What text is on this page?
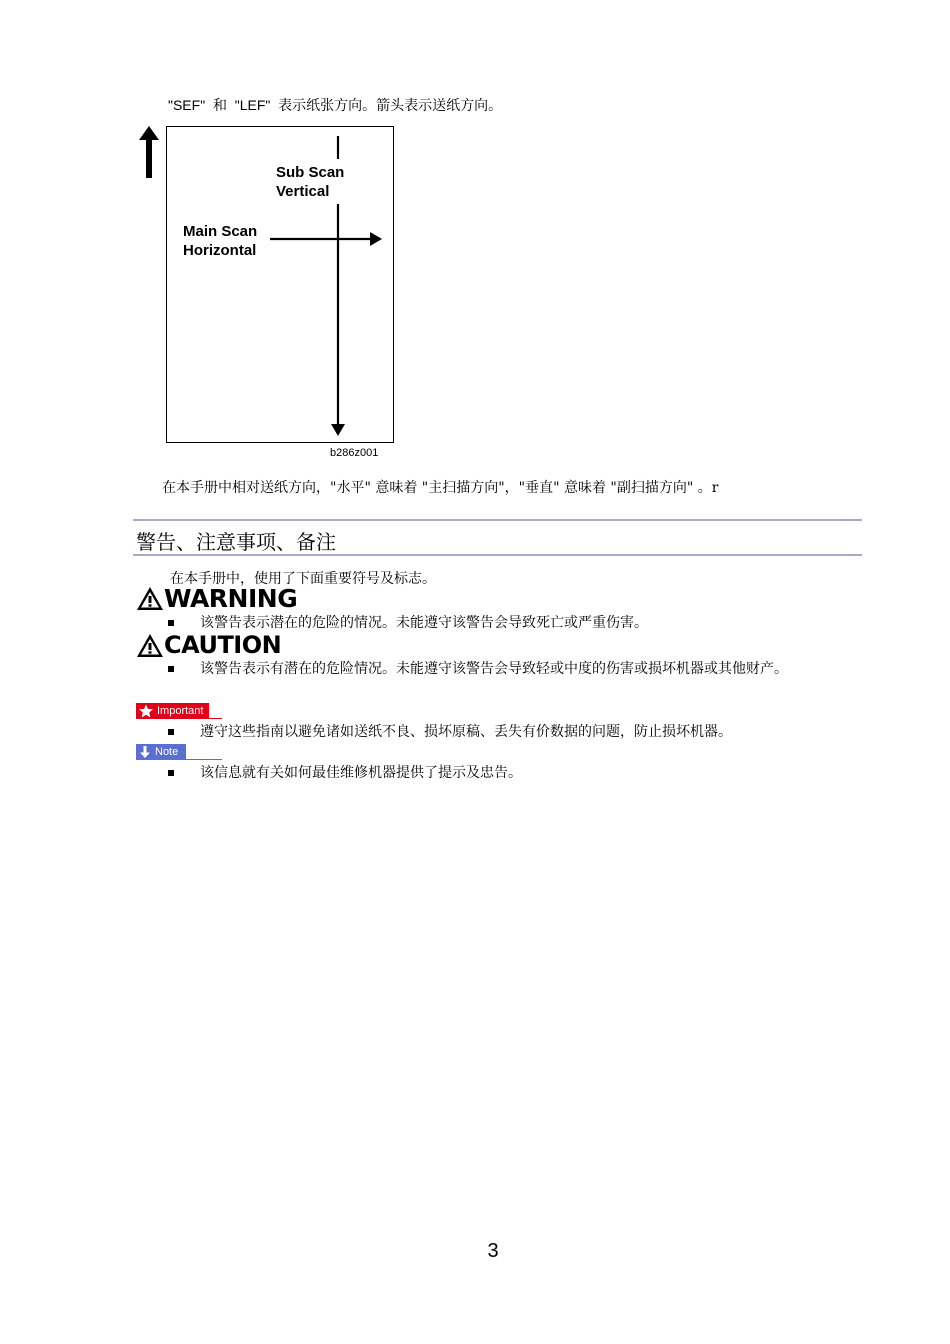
"SEF" 和 "LEF" 表示纸张方向。箭头表示送纸方向。
Sub Scan
Vertical
Main Scan
Horizontal
b286z001
在本手册中相对送纸方向，"水平" 意味着 "主扫描方向"，"垂直" 意味着 "副扫描方向" 。r
警告、注意事项、备注
在本手册中，使用了下面重要符号及标志。
WARNING
该警告表示潜在的危险的情况。未能遵守该警告会导致死亡或严重伤害。
CAUTION
该警告表示有潜在的危险情况。未能遵守该警告会导致轻或中度的伤害或损坏机器或其他财产。
Important
遵守这些指南以避免诸如送纸不良、损坏原稿、丢失有价数据的问题，防止损坏机器。
Note
该信息就有关如何最佳维修机器提供了提示及忠告。
3
